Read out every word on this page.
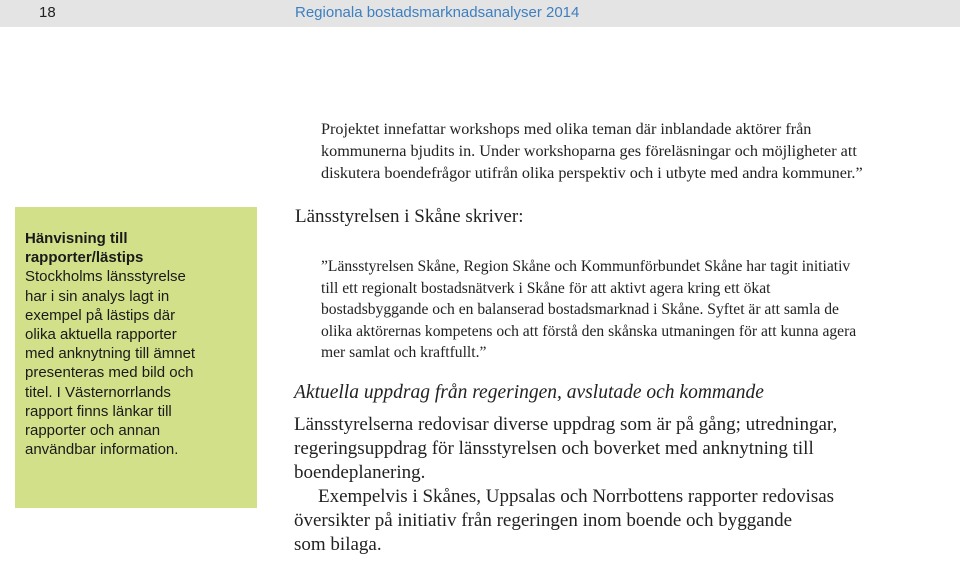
18	Regionala bostadsmarknadsanalyser 2014
Projektet innefattar workshops med olika teman där inblandade aktörer från
kommunerna bjudits in. Under workshoparna ges föreläsningar och möjligheter att
diskutera boendefrågor utifrån olika perspektiv och i utbyte med andra kommuner.”
Hänvisning till
rapporter/lästips
Stockholms länsstyrelse
har i sin analys lagt in
exempel på lästips där
olika aktuella rapporter
med anknytning till ämnet
presenteras med bild och
titel. I Västernorrlands
rapport finns länkar till
rapporter och annan
användbar information.
Länsstyrelsen i Skåne skriver:
”Länsstyrelsen Skåne, Region Skåne och Kommunförbundet Skåne har tagit initiativ
till ett regionalt bostadsnätverk i Skåne för att aktivt agera kring ett ökat
bostadsbyggande och en balanserad bostadsmarknad i Skåne. Syftet är att samla de
olika aktörernas kompetens och att förstå den skånska utmaningen för att kunna agera
mer samlat och kraftfullt.”
Aktuella uppdrag från regeringen, avslutade och kommande
Länsstyrelserna redovisar diverse uppdrag som är på gång; utredningar,
regeringsuppdrag för länsstyrelsen och boverket med anknytning till
boendeplanering.
Exempelvis i Skånes, Uppsalas och Norrbottens rapporter redovisas
översikter på initiativ från regeringen inom boende och byggande
som bilaga.
